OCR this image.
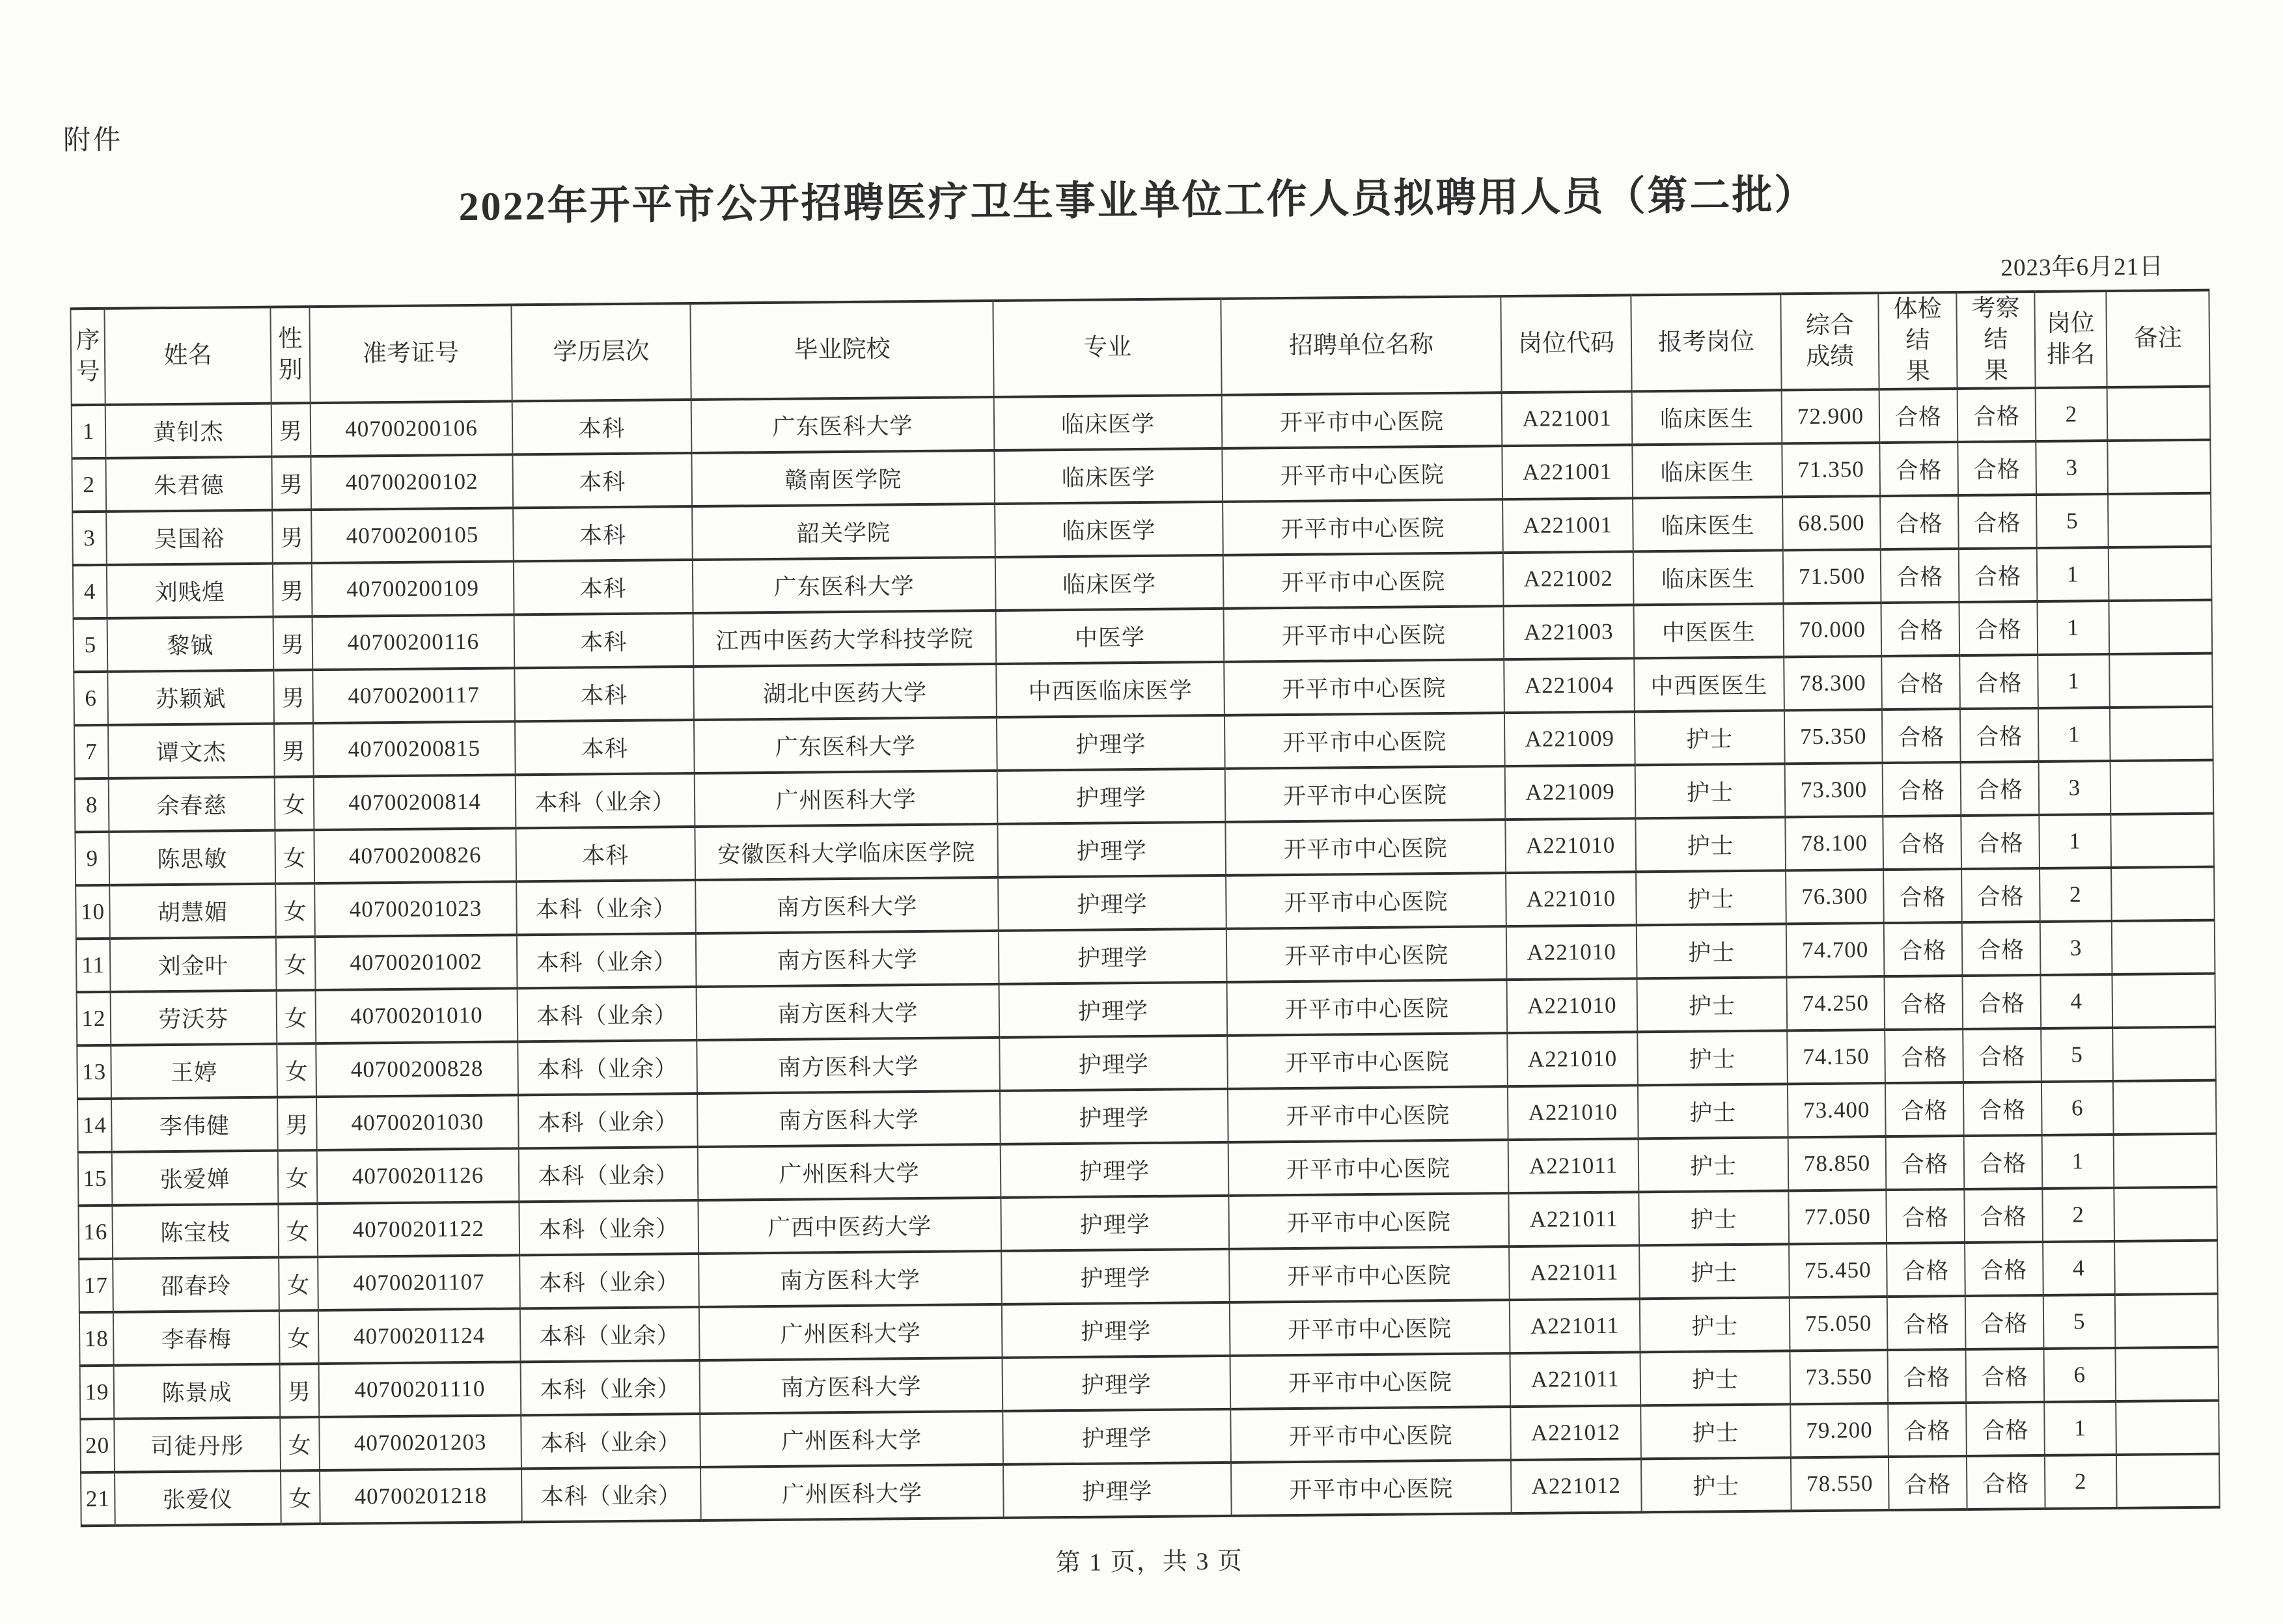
附件
2022年开平市公开招聘医疗卫生事业单位工作人员拟聘用人员（第二批）
2023年6月21日
序
号	姓名	性
别	准考证号	学历层次	毕业院校	专业	招聘单位名称	岗位代码	报考岗位	综合
成绩	体检结
果	考察结
果	岗位
排名	备注
1	黄钊杰	男	40700200106	本科	广东医科大学	临床医学	开平市中心医院	A221001	临床医生	72.900	合格	合格	2	
2	朱君德	男	40700200102	本科	赣南医学院	临床医学	开平市中心医院	A221001	临床医生	71.350	合格	合格	3	
3	吴国裕	男	40700200105	本科	韶关学院	临床医学	开平市中心医院	A221001	临床医生	68.500	合格	合格	5	
4	刘贱煌	男	40700200109	本科	广东医科大学	临床医学	开平市中心医院	A221002	临床医生	71.500	合格	合格	1	
5	黎铖	男	40700200116	本科	江西中医药大学科技学院	中医学	开平市中心医院	A221003	中医医生	70.000	合格	合格	1	
6	苏颖斌	男	40700200117	本科	湖北中医药大学	中西医临床医学	开平市中心医院	A221004	中西医医生	78.300	合格	合格	1	
7	谭文杰	男	40700200815	本科	广东医科大学	护理学	开平市中心医院	A221009	护士	75.350	合格	合格	1	
8	余春慈	女	40700200814	本科（业余）	广州医科大学	护理学	开平市中心医院	A221009	护士	73.300	合格	合格	3	
9	陈思敏	女	40700200826	本科	安徽医科大学临床医学院	护理学	开平市中心医院	A221010	护士	78.100	合格	合格	1	
10	胡慧媚	女	40700201023	本科（业余）	南方医科大学	护理学	开平市中心医院	A221010	护士	76.300	合格	合格	2	
11	刘金叶	女	40700201002	本科（业余）	南方医科大学	护理学	开平市中心医院	A221010	护士	74.700	合格	合格	3	
12	劳沃芬	女	40700201010	本科（业余）	南方医科大学	护理学	开平市中心医院	A221010	护士	74.250	合格	合格	4	
13	王婷	女	40700200828	本科（业余）	南方医科大学	护理学	开平市中心医院	A221010	护士	74.150	合格	合格	5	
14	李伟健	男	40700201030	本科（业余）	南方医科大学	护理学	开平市中心医院	A221010	护士	73.400	合格	合格	6	
15	张爱婵	女	40700201126	本科（业余）	广州医科大学	护理学	开平市中心医院	A221011	护士	78.850	合格	合格	1	
16	陈宝枝	女	40700201122	本科（业余）	广西中医药大学	护理学	开平市中心医院	A221011	护士	77.050	合格	合格	2	
17	邵春玲	女	40700201107	本科（业余）	南方医科大学	护理学	开平市中心医院	A221011	护士	75.450	合格	合格	4	
18	李春梅	女	40700201124	本科（业余）	广州医科大学	护理学	开平市中心医院	A221011	护士	75.050	合格	合格	5	
19	陈景成	男	40700201110	本科（业余）	南方医科大学	护理学	开平市中心医院	A221011	护士	73.550	合格	合格	6	
20	司徒丹彤	女	40700201203	本科（业余）	广州医科大学	护理学	开平市中心医院	A221012	护士	79.200	合格	合格	1	
21	张爱仪	女	40700201218	本科（业余）	广州医科大学	护理学	开平市中心医院	A221012	护士	78.550	合格	合格	2	
第 1 页，共 3 页
